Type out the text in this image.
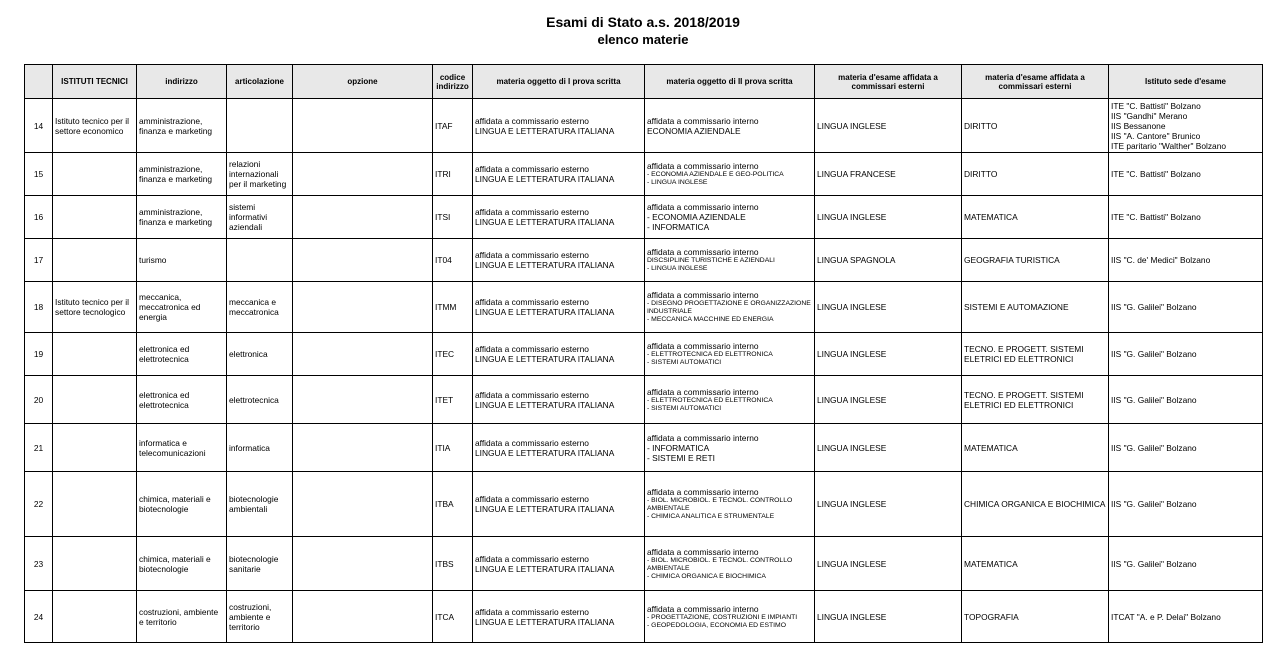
Esami di Stato a.s. 2018/2019
elenco materie
	ISTITUTI TECNICI	indirizzo	articolazione	opzione	codice indirizzo	materia oggetto di I prova scritta	materia oggetto di II prova scritta	materia d'esame affidata a commissari esterni	materia d'esame affidata a commissari esterni	Istituto sede d'esame
14	Istituto tecnico per il settore economico	amministrazione, finanza e marketing			ITAF	affidata a commissario esterno
LINGUA E LETTERATURA ITALIANA	affidata a commissario interno
ECONOMIA AZIENDALE	LINGUA INGLESE	DIRITTO	ITE "C. Battisti" Bolzano
IIS "Gandhi" Merano
IIS Bessanone
IIS "A. Cantore" Brunico
ITE paritario "Walther" Bolzano

15		amministrazione, finanza e marketing	relazioni internazionali per il marketing		ITRI	affidata a commissario esterno
LINGUA E LETTERATURA ITALIANA	affidata a commissario interno
- ECONOMIA AZIENDALE E GEO-POLITICA
- LINGUA INGLESE	LINGUA FRANCESE	DIRITTO	ITE "C. Battisti" Bolzano

16		amministrazione, finanza e marketing	sistemi informativi aziendali		ITSI	affidata a commissario esterno
LINGUA E LETTERATURA ITALIANA	affidata a commissario interno
- ECONOMIA AZIENDALE
- INFORMATICA	LINGUA INGLESE	MATEMATICA	ITE "C. Battisti" Bolzano

17		turismo			IT04	affidata a commissario esterno
LINGUA E LETTERATURA ITALIANA	affidata a commissario interno
DISCSIPLINE TURISTICHE E AZIENDALI
- LINGUA INGLESE	LINGUA SPAGNOLA	GEOGRAFIA TURISTICA	IIS "C. de' Medici" Bolzano

18	Istituto tecnico per il settore tecnologico	meccanica, meccatronica ed energia	meccanica e meccatronica		ITMM	affidata a commissario esterno
LINGUA E LETTERATURA ITALIANA	affidata a commissario interno
- DISEGNO PROGETTAZIONE E ORGANIZZAZIONE INDUSTRIALE
- MECCANICA MACCHINE ED ENERGIA	LINGUA INGLESE	SISTEMI E AUTOMAZIONE	IIS "G. Galilei" Bolzano

19		elettronica ed elettrotecnica	elettronica		ITEC	affidata a commissario esterno
LINGUA E LETTERATURA ITALIANA	affidata a commissario interno
- ELETTROTECNICA ED ELETTRONICA
- SISTEMI AUTOMATICI	LINGUA INGLESE	TECNO. E PROGETT. SISTEMI ELETRICI ED ELETTRONICI	IIS "G. Galilei" Bolzano

20		elettronica ed elettrotecnica	elettrotecnica		ITET	affidata a commissario esterno
LINGUA E LETTERATURA ITALIANA	affidata a commissario interno
- ELETTROTECNICA ED ELETTRONICA
- SISTEMI AUTOMATICI	LINGUA INGLESE	TECNO. E PROGETT. SISTEMI ELETRICI ED ELETTRONICI	IIS "G. Galilei" Bolzano

21		informatica e telecomunicazioni	informatica		ITIA	affidata a commissario esterno
LINGUA E LETTERATURA ITALIANA	affidata a commissario interno
- INFORMATICA
- SISTEMI E RETI	LINGUA INGLESE	MATEMATICA	IIS "G. Galilei" Bolzano

22		chimica, materiali e biotecnologie	biotecnologie ambientali		ITBA	affidata a commissario esterno
LINGUA E LETTERATURA ITALIANA	affidata a commissario interno
- BIOL. MICROBIOL. E TECNOL. CONTROLLO AMBIENTALE
- CHIMICA ANALITICA E STRUMENTALE	LINGUA INGLESE	CHIMICA ORGANICA E BIOCHIMICA	IIS "G. Galilei" Bolzano

23		chimica, materiali e biotecnologie	biotecnologie sanitarie		ITBS	affidata a commissario esterno
LINGUA E LETTERATURA ITALIANA	affidata a commissario interno
- BIOL. MICROBIOL. E TECNOL. CONTROLLO AMBIENTALE
- CHIMICA ORGANICA E BIOCHIMICA	LINGUA INGLESE	MATEMATICA	IIS "G. Galilei" Bolzano

24		costruzioni, ambiente e territorio	costruzioni, ambiente e territorio		ITCA	affidata a commissario esterno
LINGUA E LETTERATURA ITALIANA	affidata a commissario interno
- PROGETTAZIONE, COSTRUZIONI E IMPIANTI
- GEOPEDOLOGIA, ECONOMIA ED ESTIMO	LINGUA INGLESE	TOPOGRAFIA	ITCAT "A. e P. Delai" Bolzano
